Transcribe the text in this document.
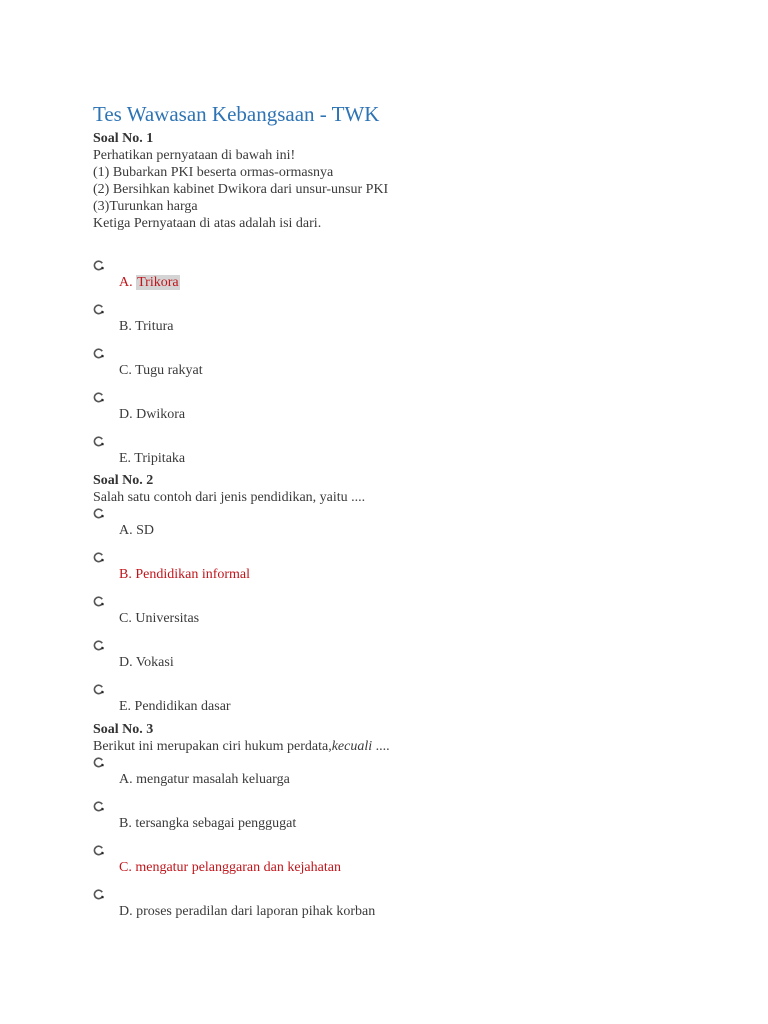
Tes Wawasan Kebangsaan - TWK

Soal No. 1

Perhatikan pernyataan di bawah ini!

(1) Bubarkan PKI beserta ormas-ormasnya

(2) Bersihkan kabinet Dwikora dari unsur-unsur PKI

(3)Turunkan harga

Ketiga Pernyataan di atas adalah isi dari.

A. Trikora
B. Tritura
C. Tugu rakyat
D. Dwikora
E. Tripitaka

Soal No. 2

Salah satu contoh dari jenis pendidikan, yaitu ....

A. SD
B. Pendidikan informal
C. Universitas
D. Vokasi
E. Pendidikan dasar

Soal No. 3

Berikut ini merupakan ciri hukum perdata,kecuali ....

A. mengatur masalah keluarga
B. tersangka sebagai penggugat
C. mengatur pelanggaran dan kejahatan
D. proses peradilan dari laporan pihak korban
